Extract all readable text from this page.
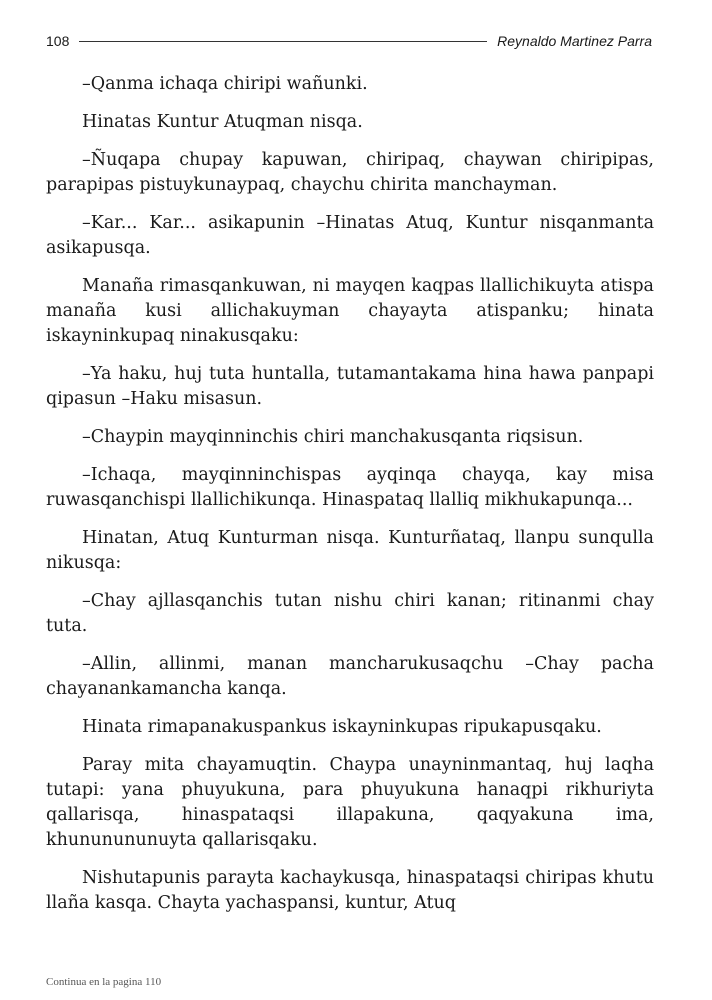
108	Reynaldo Martinez Parra

–Qanma ichaqa chiripi wañunki.

Hinatas Kuntur Atuqman nisqa.

–Ñuqapa chupay kapuwan, chiripaq, chaywan chiripipas, parapipas pistuykunaypaq, chaychu chirita manchayman.

–Kar... Kar... asikapunin –Hinatas Atuq, Kuntur nisqanmanta asikapusqa.

Manaña rimasqankuwan, ni mayqen kaqpas llallichikuyta atispa manaña kusi allichakuyman chayayta atispanku; hinata iskayninkupaq ninakusqaku:

–Ya haku, huj tuta huntalla, tutamantakama hina hawa panpapi qipasun –Haku misasun.

–Chaypin mayqinninchis chiri manchakusqanta riqsisun.

–Ichaqa, mayqinninchispas ayqinqa chayqa, kay misa ruwasqanchispi llallichikunqa. Hinaspataq llalliq mikhukapunqa...

Hinatan, Atuq Kunturman nisqa. Kunturñataq, llanpu sunqulla nikusqa:

–Chay ajllasqanchis tutan nishu chiri kanan; ritinanmi chay tuta.

–Allin, allinmi, manan mancharukusaqchu –Chay pacha chayanankamancha kanqa.

Hinata rimapanakuspankus iskayninkupas ripukapusqaku.

Paray mita chayamuqtin. Chaypa unayninmantaq, huj laqha tutapi: yana phuyukuna, para phuyukuna hanaqpi rikhuriyta qallarisqa, hinaspataqsi illapakuna, qaqyakuna ima, khununununuyta qallarisqaku.

Nishutapunis parayta kachaykusqa, hinaspataqsi chiripas khutu llaña kasqa. Chayta yachaspansi, kuntur, Atuq

Continua en la pagina 110
